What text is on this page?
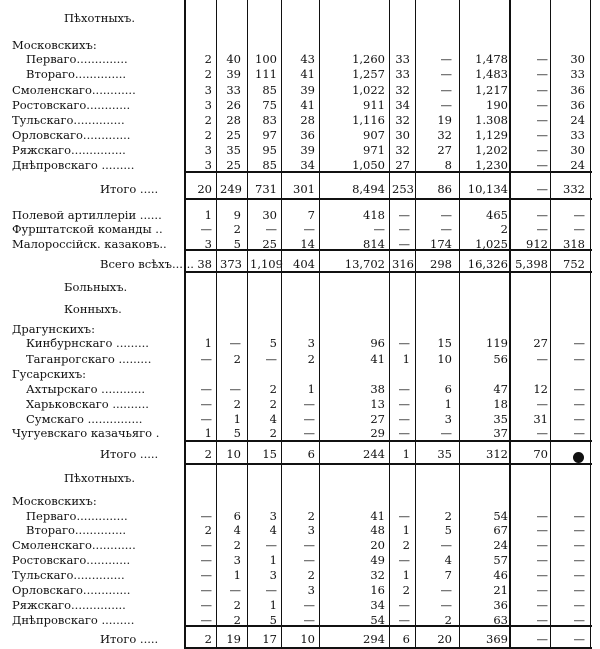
Пѣхотныхъ.
Московскихъ:
Перваго..............	2	40	100	43	1,260 33	—	1,478	—	30
Втораго..............	2	39	111	41	1,257 33	—	1,483	—	33
Смоленскаго............	3	33	85	39	1,022 32	—	1,217	—	36
Ростовскаго............	3	26	75	41	911 34	—	190	—	36
Тульскаго..............	2	28	83	28	1,116 32	19	1.308	—	24
Орловскаго.............	2	25	97	36	907 30	32	1,129	—	33
Ряжскаго...............	3	35	95	39	971 32	27	1,202	—	30
Днѣпровскаго .........	3	25	85	34	1,050 27	8	1,230	—	24
Итого .....	20 249	731	301	8,494 253	86	10,134	—	332
Полевой артиллеріи ......	1	9	30	7	418	—	—	465	—	—
Фурштатской команды ..	—	2	—	—	—	—	—	2	—	—
Малороссійск. казаковъ..	3	5	25	14	814	—	174	1,025	912	318
Всего всѣхъ...... 38 373 1,109 404	13,702 316	298	16,326 5,398	752
Больныхъ.
Конныхъ.
Драгунскихъ:
Кинбурнскаго .........	1	—	5	3	96	—	15	119	27	—
Таганрогскаго .........	—	2	—	2	41	1	10	56	—	—
Гусарскихъ:
Ахтырскаго ............	—	—	2	1	38	—	6	47	12	—
Харьковскаго ..........	—	2	2	—	13	—	1	18	—	—
Сумскаго ...............	—	1	4	—	27	—	3	35	31	—
Чугуевскаго казачьяго .	1	5	2	—	29	—	—	37	—	—
Итого .....	2	10	15	6	244	1	35	312	70
Пѣхотныхъ.
Московскихъ:
Перваго..............	—	6	3	2	41	—	2	54	—	—
Втораго..............	2	4	4	3	48	1	5	67	—	—
Смоленскаго............	—	2	—	—	20	2	—	24	—	—
Ростовскаго............	—	3	1	—	49	—	4	57	—	—
Тульскаго..............	—	1	3	2	32	1	7	46	—	—
Орловскаго.............	—	—	—	3	16	2	—	21	—	—
Ряжскаго...............	—	2	1	—	34	—	—	36	—	—
Днѣпровскаго .........	—	2	5	—	54	—	2	63	—	—
Итого .....	2	19	17	10	294	6	20	369	—	—
